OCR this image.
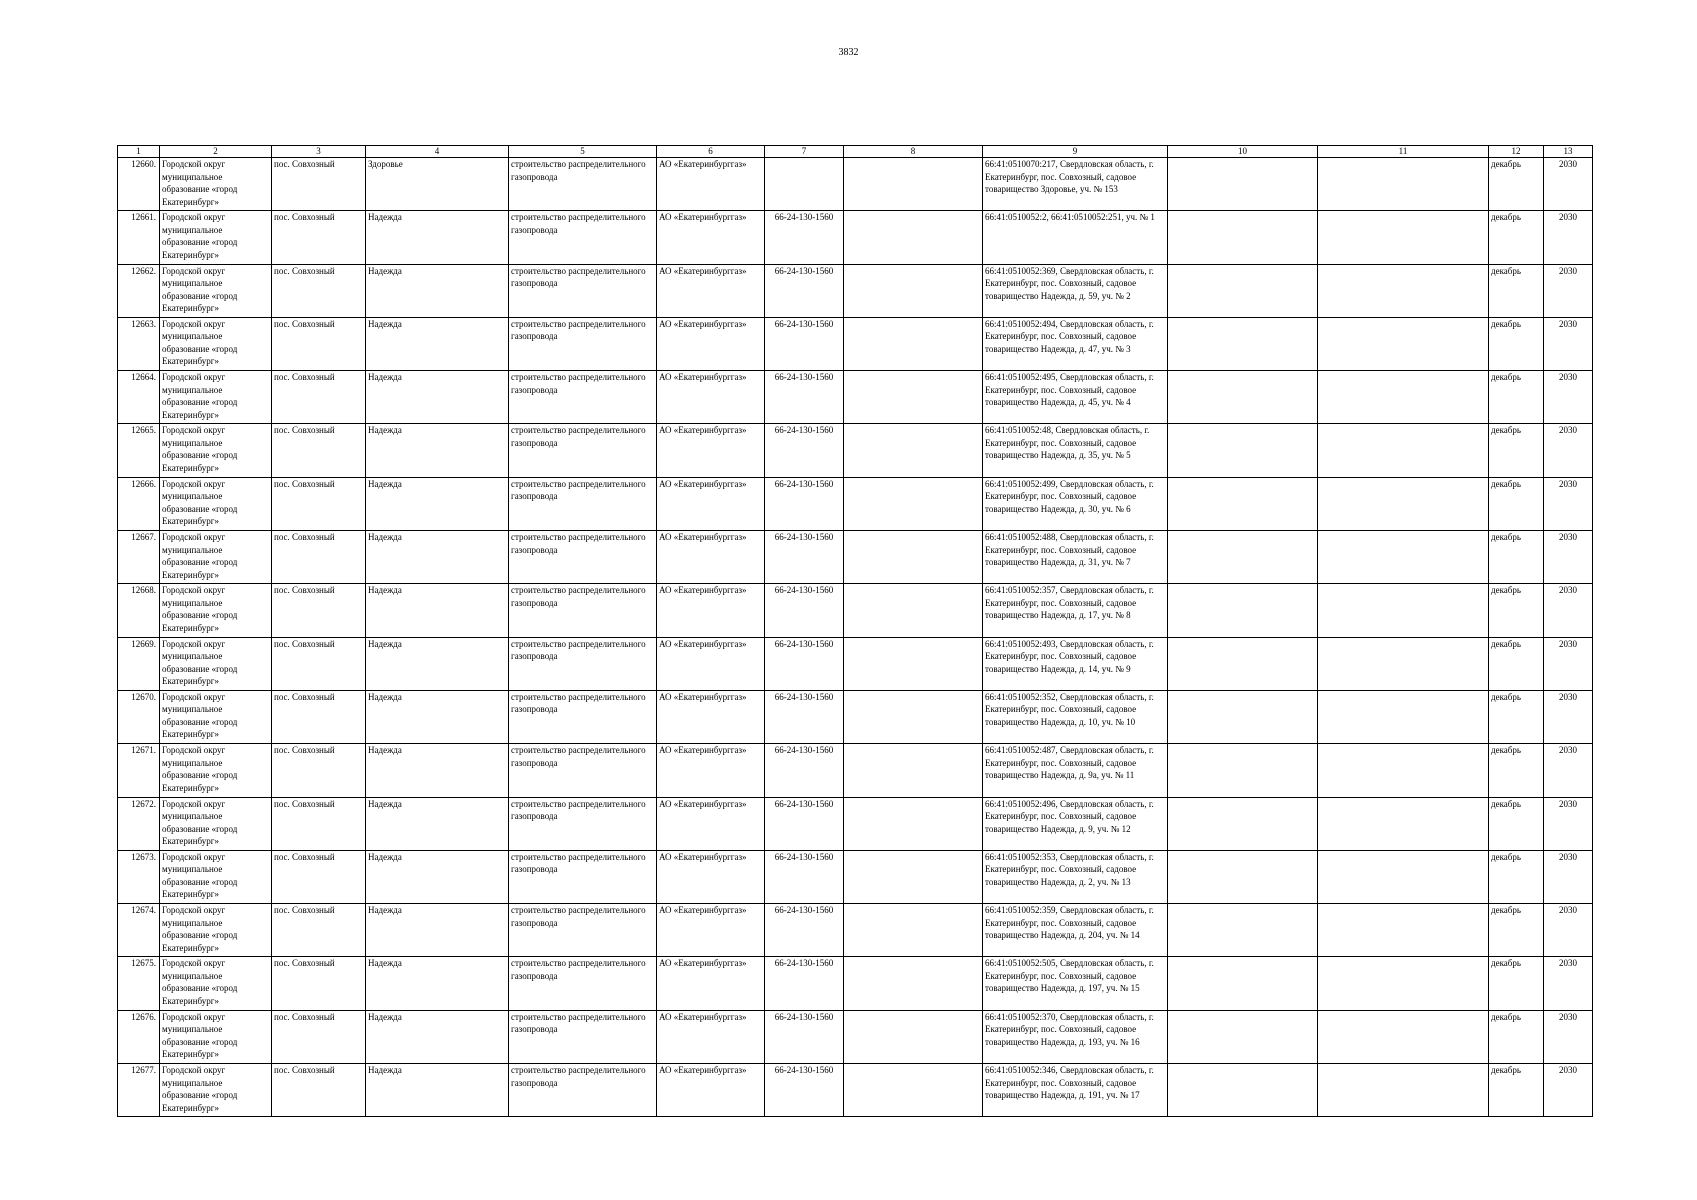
3832
1	2	3	4	5	6	7	8	9	10	11	12	13
12660.	Городской округ муниципальное образование «город Екатеринбург»	пос. Совхозный	Здоровье	строительство распределительного газопровода	АО «Екатеринбурггаз»			66:41:0510070:217, Свердловская область, г. Екатеринбург, пос. Совхозный, садовое товарищество Здоровье, уч. № 153			декабрь	2030
12661.	Городской округ муниципальное образование «город Екатеринбург»	пос. Совхозный	Надежда	строительство распределительного газопровода	АО «Екатеринбурггаз»	66-24-130-1560		66:41:0510052:2, 66:41:0510052:251, уч. № 1			декабрь	2030
12662.	Городской округ муниципальное образование «город Екатеринбург»	пос. Совхозный	Надежда	строительство распределительного газопровода	АО «Екатеринбурггаз»	66-24-130-1560		66:41:0510052:369, Свердловская область, г. Екатеринбург, пос. Совхозный, садовое товарищество Надежда, д. 59, уч. № 2			декабрь	2030
12663.	Городской округ муниципальное образование «город Екатеринбург»	пос. Совхозный	Надежда	строительство распределительного газопровода	АО «Екатеринбурггаз»	66-24-130-1560		66:41:0510052:494, Свердловская область, г. Екатеринбург, пос. Совхозный, садовое товарищество Надежда, д. 47, уч. № 3			декабрь	2030
12664.	Городской округ муниципальное образование «город Екатеринбург»	пос. Совхозный	Надежда	строительство распределительного газопровода	АО «Екатеринбурггаз»	66-24-130-1560		66:41:0510052:495, Свердловская область, г. Екатеринбург, пос. Совхозный, садовое товарищество Надежда, д. 45, уч. № 4			декабрь	2030
12665.	Городской округ муниципальное образование «город Екатеринбург»	пос. Совхозный	Надежда	строительство распределительного газопровода	АО «Екатеринбурггаз»	66-24-130-1560		66:41:0510052:48, Свердловская область, г. Екатеринбург, пос. Совхозный, садовое товарищество Надежда, д. 35, уч. № 5			декабрь	2030
12666.	Городской округ муниципальное образование «город Екатеринбург»	пос. Совхозный	Надежда	строительство распределительного газопровода	АО «Екатеринбурггаз»	66-24-130-1560		66:41:0510052:499, Свердловская область, г. Екатеринбург, пос. Совхозный, садовое товарищество Надежда, д. 30, уч. № 6			декабрь	2030
12667.	Городской округ муниципальное образование «город Екатеринбург»	пос. Совхозный	Надежда	строительство распределительного газопровода	АО «Екатеринбурггаз»	66-24-130-1560		66:41:0510052:488, Свердловская область, г. Екатеринбург, пос. Совхозный, садовое товарищество Надежда, д. 31, уч. № 7			декабрь	2030
12668.	Городской округ муниципальное образование «город Екатеринбург»	пос. Совхозный	Надежда	строительство распределительного газопровода	АО «Екатеринбурггаз»	66-24-130-1560		66:41:0510052:357, Свердловская область, г. Екатеринбург, пос. Совхозный, садовое товарищество Надежда, д. 17, уч. № 8			декабрь	2030
12669.	Городской округ муниципальное образование «город Екатеринбург»	пос. Совхозный	Надежда	строительство распределительного газопровода	АО «Екатеринбурггаз»	66-24-130-1560		66:41:0510052:493, Свердловская область, г. Екатеринбург, пос. Совхозный, садовое товарищество Надежда, д. 14, уч. № 9			декабрь	2030
12670.	Городской округ муниципальное образование «город Екатеринбург»	пос. Совхозный	Надежда	строительство распределительного газопровода	АО «Екатеринбурггаз»	66-24-130-1560		66:41:0510052:352, Свердловская область, г. Екатеринбург, пос. Совхозный, садовое товарищество Надежда, д. 10, уч. № 10			декабрь	2030
12671.	Городской округ муниципальное образование «город Екатеринбург»	пос. Совхозный	Надежда	строительство распределительного газопровода	АО «Екатеринбурггаз»	66-24-130-1560		66:41:0510052:487, Свердловская область, г. Екатеринбург, пос. Совхозный, садовое товарищество Надежда, д. 9а, уч. № 11			декабрь	2030
12672.	Городской округ муниципальное образование «город Екатеринбург»	пос. Совхозный	Надежда	строительство распределительного газопровода	АО «Екатеринбурггаз»	66-24-130-1560		66:41:0510052:496, Свердловская область, г. Екатеринбург, пос. Совхозный, садовое товарищество Надежда, д. 9, уч. № 12			декабрь	2030
12673.	Городской округ муниципальное образование «город Екатеринбург»	пос. Совхозный	Надежда	строительство распределительного газопровода	АО «Екатеринбурггаз»	66-24-130-1560		66:41:0510052:353, Свердловская область, г. Екатеринбург, пос. Совхозный, садовое товарищество Надежда, д. 2, уч. № 13			декабрь	2030
12674.	Городской округ муниципальное образование «город Екатеринбург»	пос. Совхозный	Надежда	строительство распределительного газопровода	АО «Екатеринбурггаз»	66-24-130-1560		66:41:0510052:359, Свердловская область, г. Екатеринбург, пос. Совхозный, садовое товарищество Надежда, д. 204, уч. № 14			декабрь	2030
12675.	Городской округ муниципальное образование «город Екатеринбург»	пос. Совхозный	Надежда	строительство распределительного газопровода	АО «Екатеринбурггаз»	66-24-130-1560		66:41:0510052:505, Свердловская область, г. Екатеринбург, пос. Совхозный, садовое товарищество Надежда, д. 197, уч. № 15			декабрь	2030
12676.	Городской округ муниципальное образование «город Екатеринбург»	пос. Совхозный	Надежда	строительство распределительного газопровода	АО «Екатеринбурггаз»	66-24-130-1560		66:41:0510052:370, Свердловская область, г. Екатеринбург, пос. Совхозный, садовое товарищество Надежда, д. 193, уч. № 16			декабрь	2030
12677.	Городской округ муниципальное образование «город Екатеринбург»	пос. Совхозный	Надежда	строительство распределительного газопровода	АО «Екатеринбурггаз»	66-24-130-1560		66:41:0510052:346, Свердловская область, г. Екатеринбург, пос. Совхозный, садовое товарищество Надежда, д. 191, уч. № 17			декабрь	2030
